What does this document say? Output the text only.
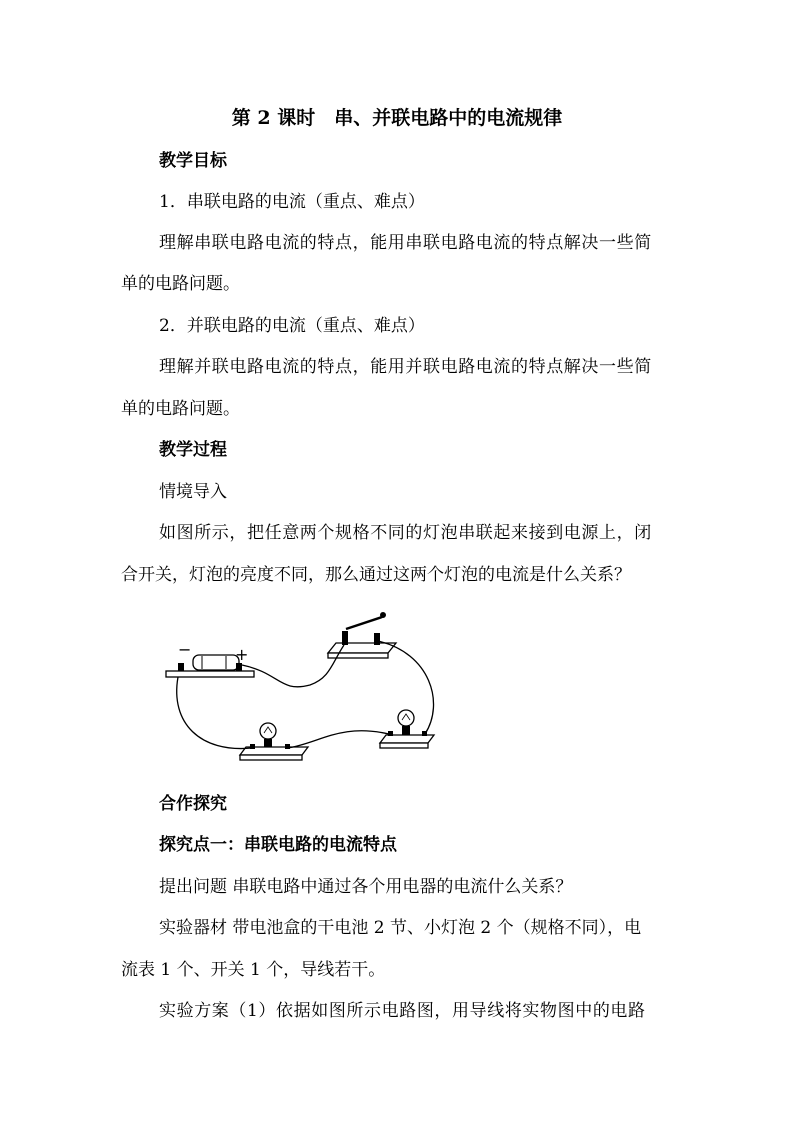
第 2 课时　串、并联电路中的电流规律
教学目标
1．串联电路的电流（重点、难点）
理解串联电路电流的特点，能用串联电路电流的特点解决一些简
单的电路问题。
2．并联电路的电流（重点、难点）
理解并联电路电流的特点，能用并联电路电流的特点解决一些简
单的电路问题。
教学过程
情境导入
如图所示，把任意两个规格不同的灯泡串联起来接到电源上，闭
合开关，灯泡的亮度不同，那么通过这两个灯泡的电流是什么关系？
−	+
合作探究
探究点一：串联电路的电流特点
提出问题 串联电路中通过各个用电器的电流什么关系？
实验器材 带电池盒的干电池 2 节、小灯泡 2 个（规格不同），电
流表 1 个、开关 1 个，导线若干。
实验方案（1）依据如图所示电路图，用导线将实物图中的电路
